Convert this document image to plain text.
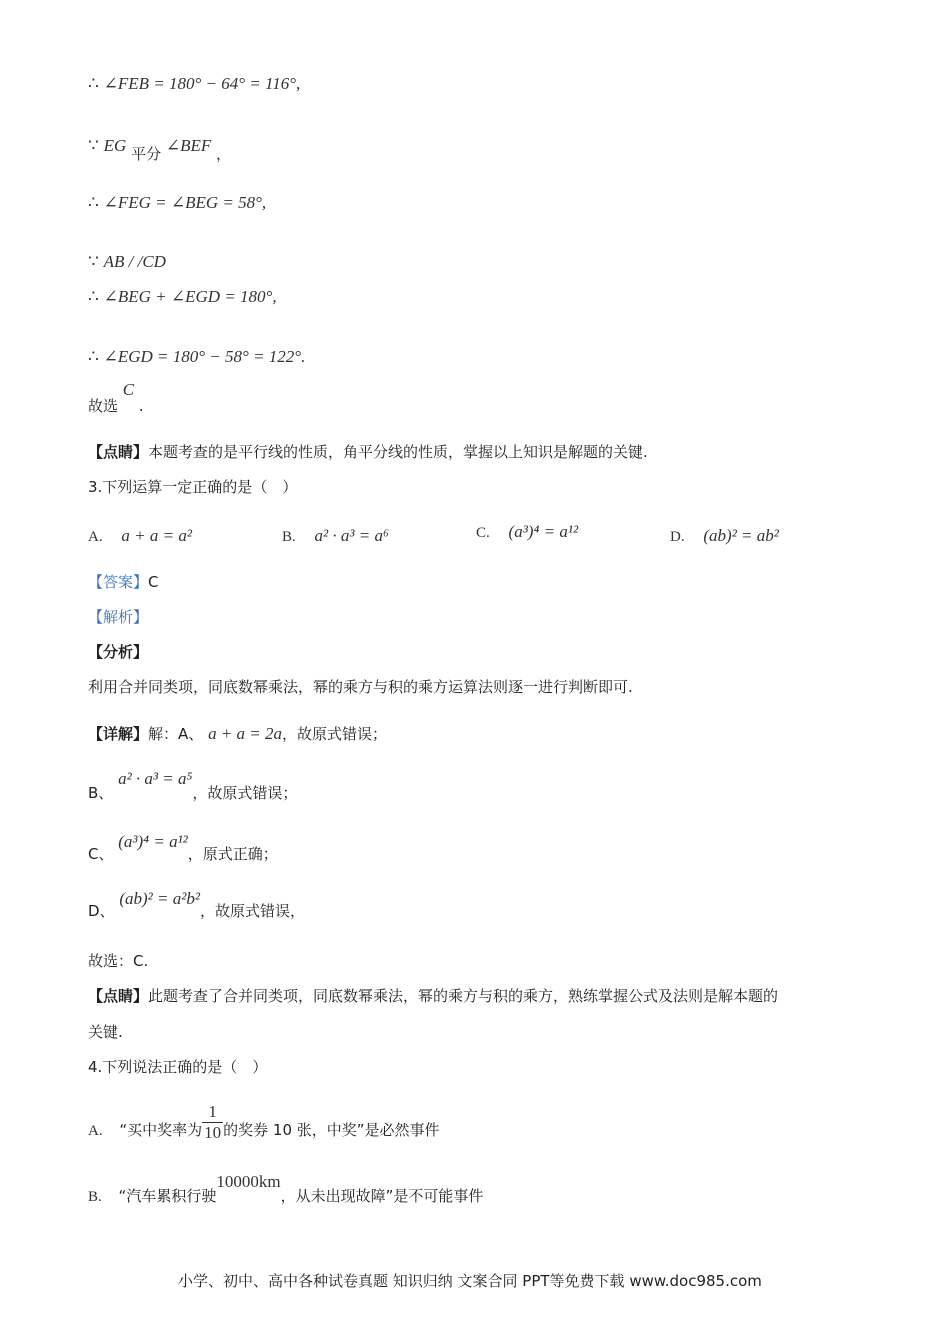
∴ ∠FEB = 180° − 64° = 116°,
∵ EG 平分 ∠BEF ，
∴ ∠FEG = ∠BEG = 58°,
∵ AB / /CD
∴ ∠BEG + ∠EGD = 180°,
∴ ∠EGD = 180° − 58° = 122°.
故选 C .
【点睛】本题考查的是平行线的性质，角平分线的性质，掌握以上知识是解题的关键.
3.下列运算一定正确的是（　）
A. a + a = a²	B. a² · a³ = a⁶	C. (a³)⁴ = a¹²	D. (ab)² = ab²
【答案】C
【解析】
【分析】
利用合并同类项，同底数幂乘法，幂的乘方与积的乘方运算法则逐一进行判断即可.
【详解】解：A、 a + a = 2a，故原式错误；
B、 a² · a³ = a⁵，故原式错误；
C、 (a³)⁴ = a¹²，原式正确；
D、 (ab)² = a²b²，故原式错误，
故选：C.
【点睛】此题考查了合并同类项，同底数幂乘法，幂的乘方与积的乘方，熟练掌握公式及法则是解本题的
关键.
4.下列说法正确的是（　）
A. “买中奖率为 $\frac{1}{10}$ 的奖券 10 张，中奖”是必然事件
B. “汽车累积行驶10000km，从未出现故障”是不可能事件
小学、初中、高中各种试卷真题 知识归纳 文案合同 PPT等免费下载 www.doc985.com
